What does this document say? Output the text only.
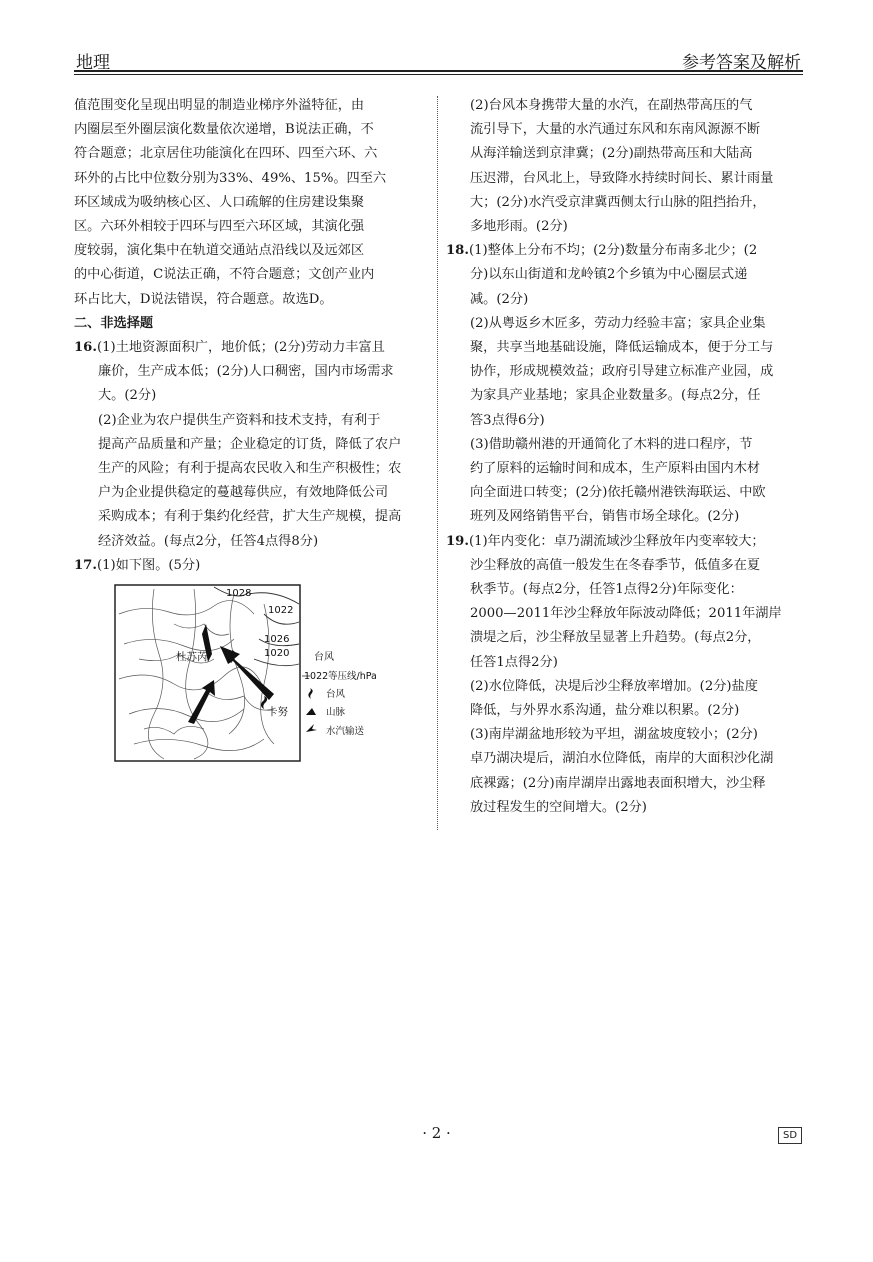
地理	参考答案及解析

值范围变化呈现出明显的制造业梯序外溢特征，由

内圈层至外圈层演化数量依次递增，B说法正确，不

符合题意；北京居住功能演化在四环、四至六环、六

环外的占比中位数分别为33%、49%、15%。四至六

环区域成为吸纳核心区、人口疏解的住房建设集聚

区。六环外相较于四环与四至六环区域，其演化强

度较弱，演化集中在轨道交通站点沿线以及远郊区

的中心街道，C说法正确，不符合题意；文创产业内

环占比大，D说法错误，符合题意。故选D。

二、非选择题

16.(1)土地资源面积广，地价低；(2分)劳动力丰富且

廉价，生产成本低；(2分)人口稠密，国内市场需求

大。(2分)

(2)企业为农户提供生产资料和技术支持，有利于

提高产品质量和产量；企业稳定的订货，降低了农户

生产的风险；有利于提高农民收入和生产积极性；农

户为企业提供稳定的蔓越莓供应，有效地降低公司

采购成本；有利于集约化经营，扩大生产规模，提高

经济效益。(每点2分，任答4点得8分)

17.(1)如下图。(5分)

1028
1022
1026
1020
杜苏芮
卡努
台风
1022 等压线/hPa
台风
山脉
水汽输送

(2)台风本身携带大量的水汽，在副热带高压的气

流引导下，大量的水汽通过东风和东南风源源不断

从海洋输送到京津冀；(2分)副热带高压和大陆高

压迟滞，台风北上，导致降水持续时间长、累计雨量

大；(2分)水汽受京津冀西侧太行山脉的阻挡抬升，

多地形雨。(2分)

18.(1)整体上分布不均；(2分)数量分布南多北少；(2

分)以东山街道和龙岭镇2个乡镇为中心圈层式递

减。(2分)

(2)从粤返乡木匠多，劳动力经验丰富；家具企业集

聚，共享当地基础设施，降低运输成本，便于分工与

协作，形成规模效益；政府引导建立标准产业园，成

为家具产业基地；家具企业数量多。(每点2分，任

答3点得6分)

(3)借助赣州港的开通简化了木料的进口程序，节

约了原料的运输时间和成本，生产原料由国内木材

向全面进口转变；(2分)依托赣州港铁海联运、中欧

班列及网络销售平台，销售市场全球化。(2分)

19.(1)年内变化：卓乃湖流域沙尘释放年内变率较大；

沙尘释放的高值一般发生在冬春季节，低值多在夏

秋季节。(每点2分，任答1点得2分)年际变化：

2000—2011年沙尘释放年际波动降低；2011年湖岸

溃堤之后，沙尘释放呈显著上升趋势。(每点2分，

任答1点得2分)

(2)水位降低，决堤后沙尘释放率增加。(2分)盐度

降低，与外界水系沟通，盐分难以积累。(2分)

(3)南岸湖盆地形较为平坦，湖盆坡度较小；(2分)

卓乃湖决堤后，湖泊水位降低，南岸的大面积沙化湖

底裸露；(2分)南岸湖岸出露地表面积增大，沙尘释

放过程发生的空间增大。(2分)

· 2 ·	SD
